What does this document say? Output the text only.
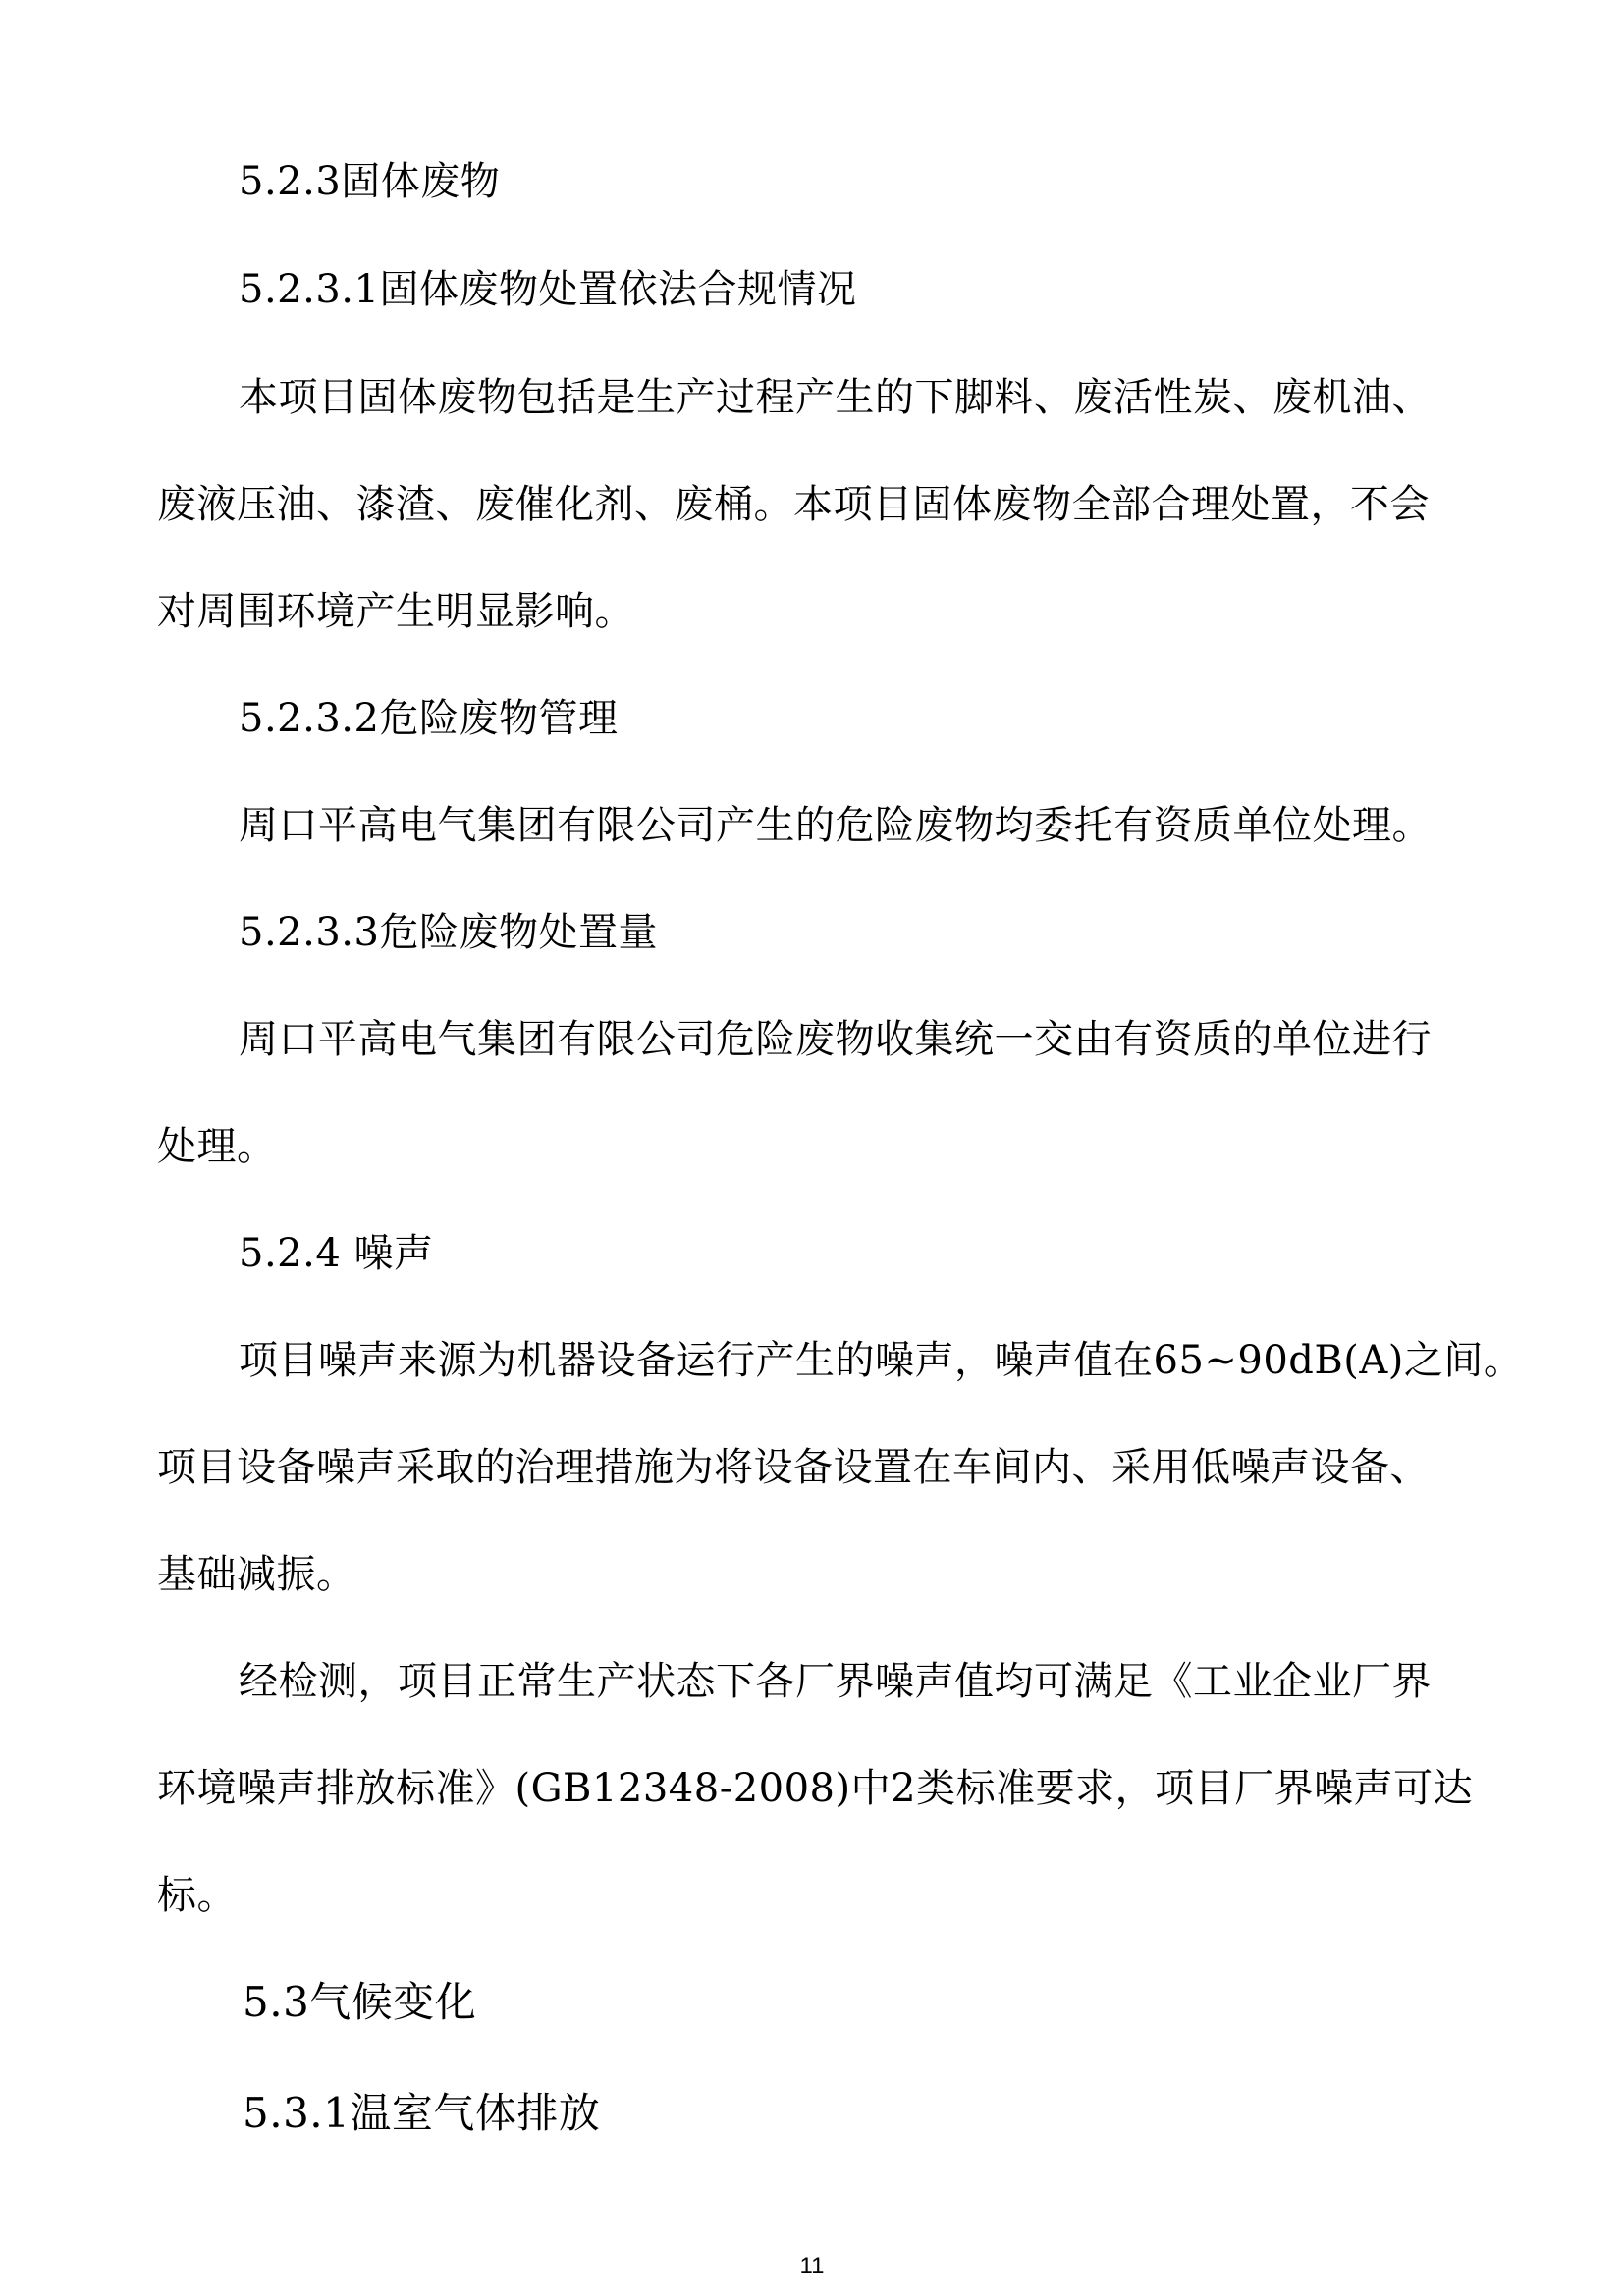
5.2.3固体废物
5.2.3.1固体废物处置依法合规情况
本项目固体废物包括是生产过程产生的下脚料、废活性炭、废机油、
废液压油、漆渣、废催化剂、废桶。本项目固体废物全部合理处置，不会
对周围环境产生明显影响。
5.2.3.2危险废物管理
周口平高电气集团有限公司产生的危险废物均委托有资质单位处理。
5.2.3.3危险废物处置量
周口平高电气集团有限公司危险废物收集统一交由有资质的单位进行
处理。
5.2.4 噪声
项目噪声来源为机器设备运行产生的噪声，噪声值在65~90dB(A)之间。
项目设备噪声采取的治理措施为将设备设置在车间内、采用低噪声设备、
基础减振。
经检测，项目正常生产状态下各厂界噪声值均可满足《工业企业厂界
环境噪声排放标准》(GB12348-2008)中2类标准要求，项目厂界噪声可达
标。
5.3气候变化
5.3.1温室气体排放
11
